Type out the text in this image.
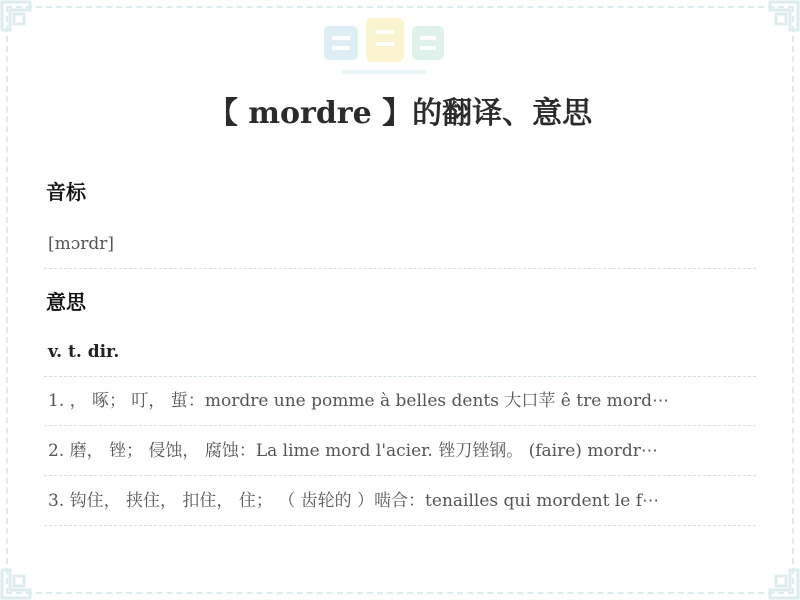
【 mordre 】的翻译、意思
音标
[mɔrdr]
意思
v. t. dir.
1. ， 啄； 叮， 蜇：mordre une pomme à belles dents 大口苹 ê tre mord⋯
2. 磨， 锉； 侵蚀， 腐蚀：La lime mord l'acier. 锉刀锉钢。 (faire) mordr⋯
3. 钩住， 挟住， 扣住， 住； （ 齿轮的 ）啮合：tenailles qui mordent le f⋯
